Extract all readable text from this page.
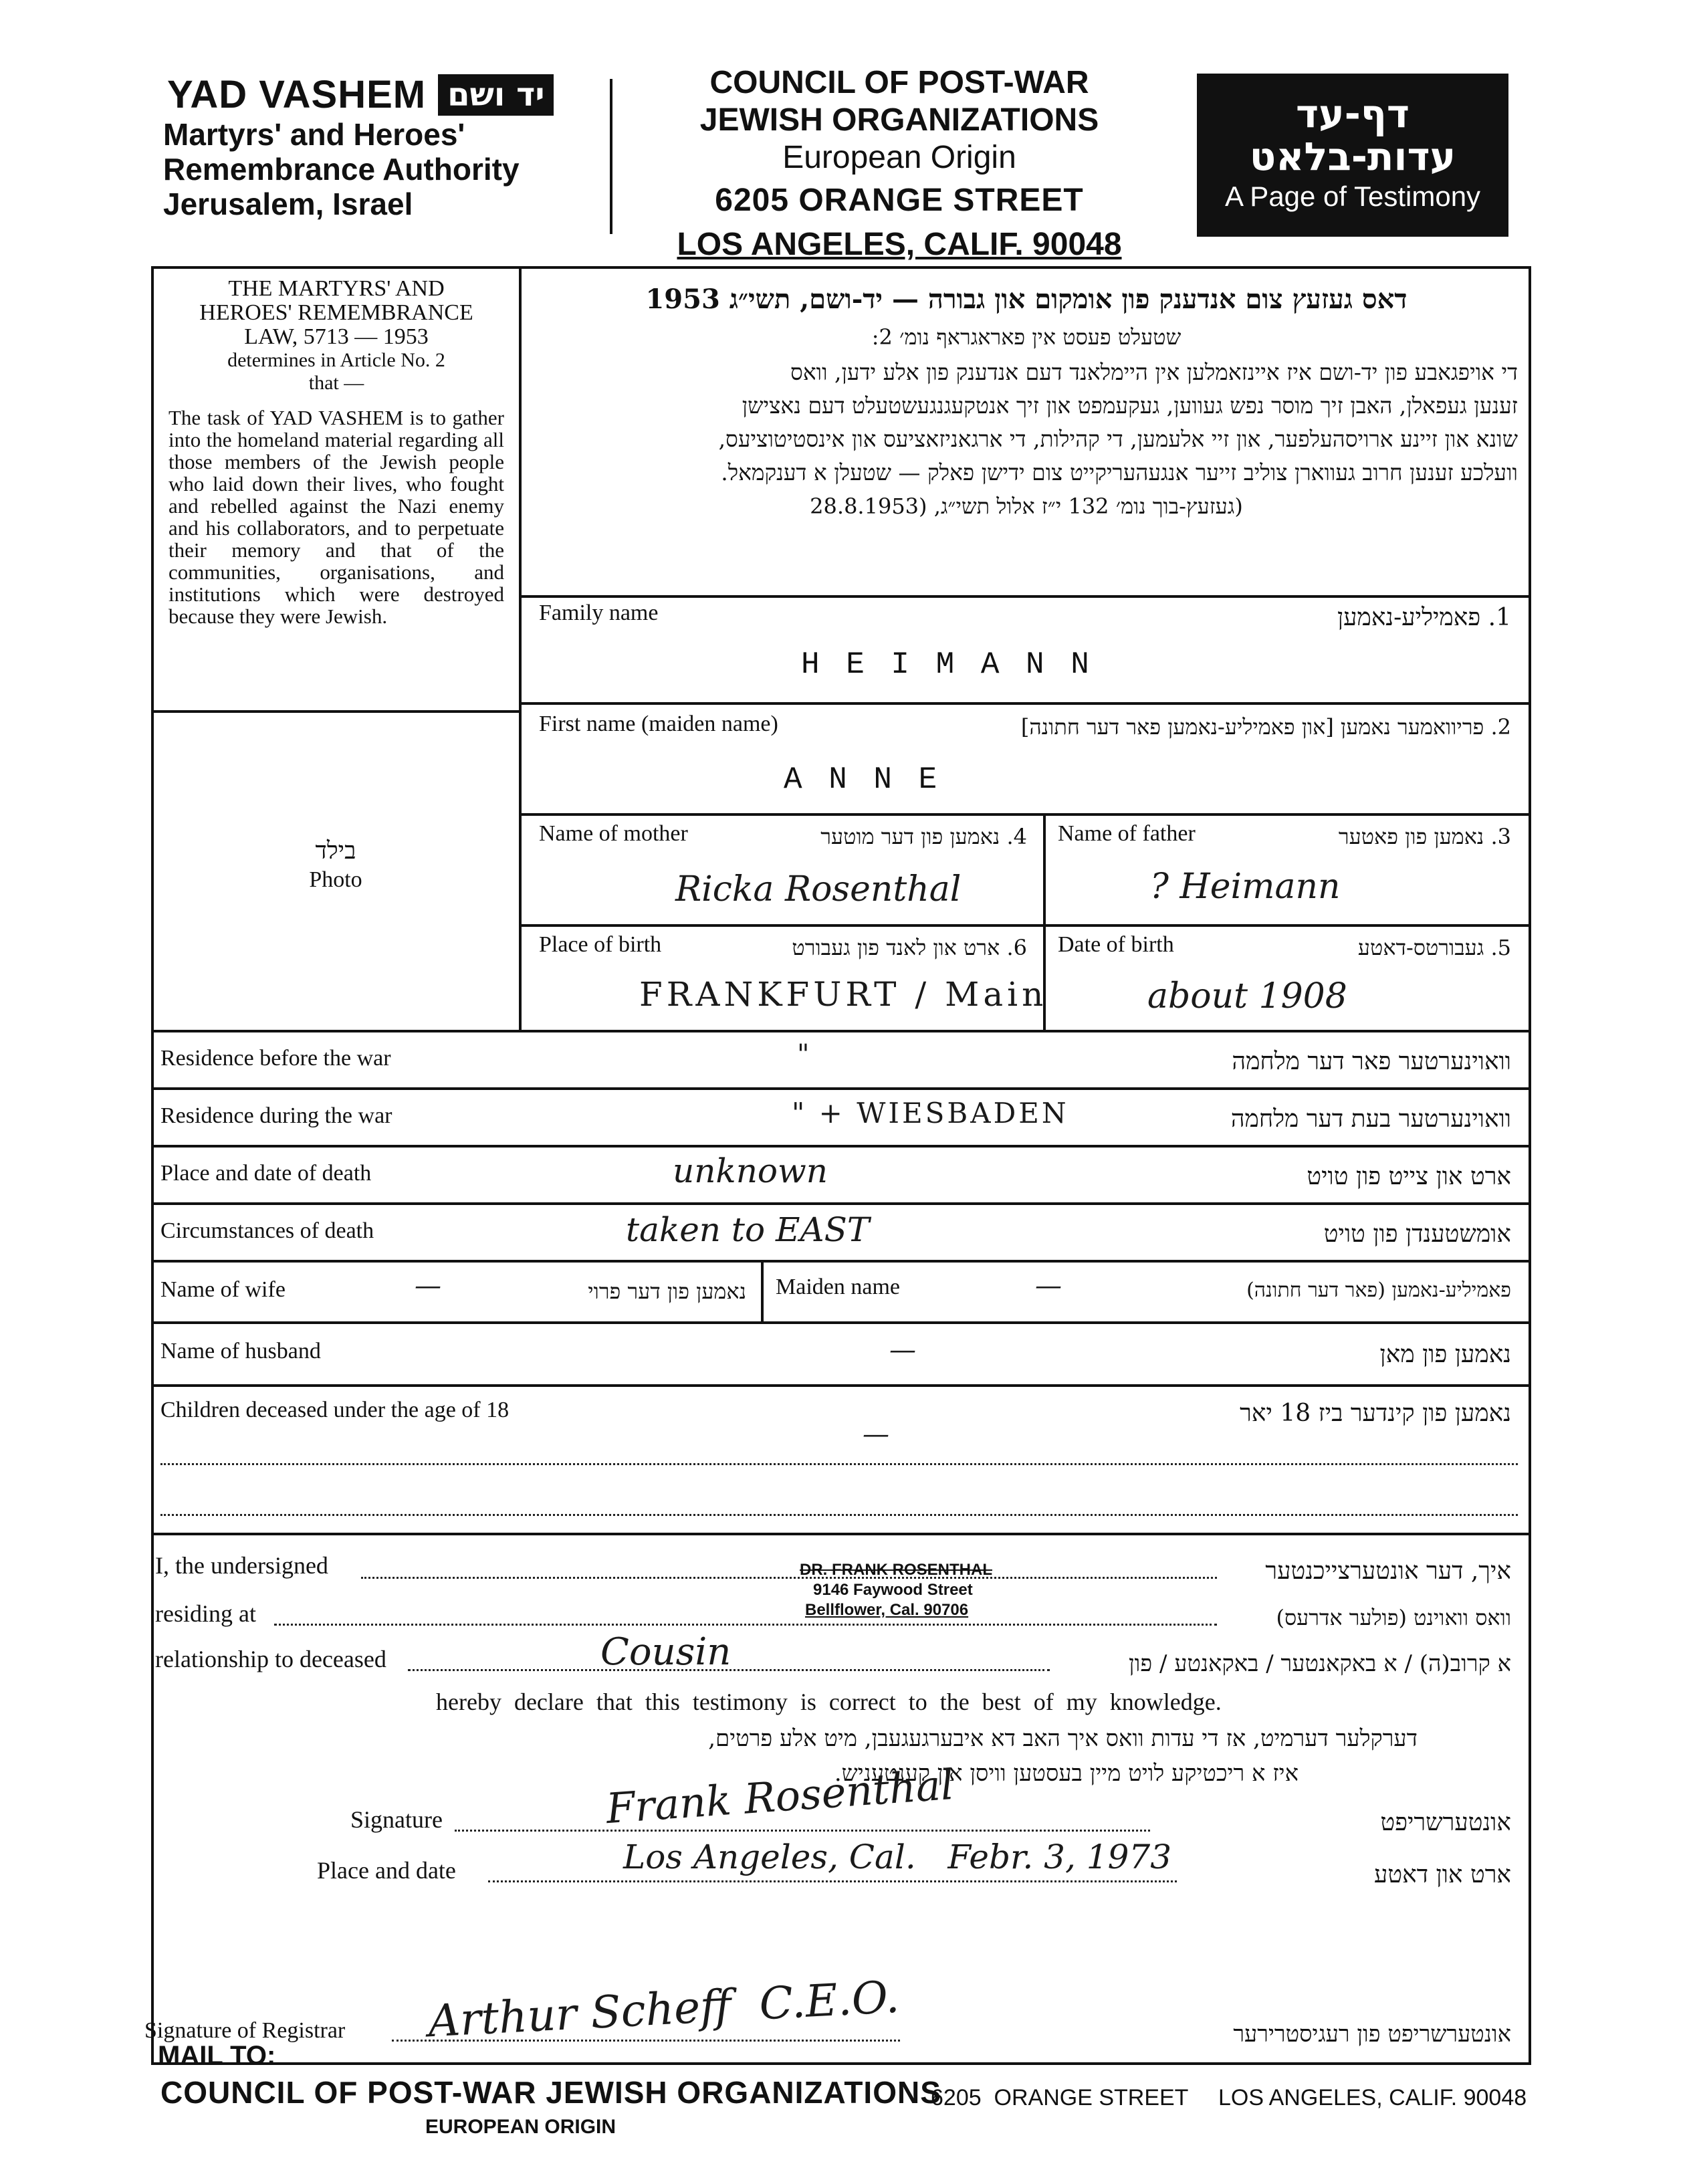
YAD VASHEM יד ושם
Martyrs' and Heroes'
Remembrance Authority
Jerusalem, Israel
COUNCIL OF POST-WAR
JEWISH ORGANIZATIONS
European Origin
6205 ORANGE STREET
LOS ANGELES, CALIF. 90048
דף-עד
עדות-בלאט
A Page of Testimony
THE MARTYRS' AND
HEROES' REMEMBRANCE
LAW, 5713 — 1953
determines in Article No. 2
that —
The task of YAD VASHEM is to gather into the homeland material regarding all those members of the Jewish people who laid down their lives, who fought and rebelled against the Nazi enemy and his collaborators, and to perpetuate their memory and that of the communities, organisations, and institutions which were destroyed because they were Jewish.
בילד
Photo
דאס געזעץ צום אנדענק פון אומקום און גבורה — יד-ושם, תשי״ג 1953
שטעלט פעסט אין פאראגראף נומ׳ 2:
די אויפגאבע פון יד-ושם איז איינזאמלען אין היימלאנד דעם אנדענק פון אלע ידען, וואס
זענען געפאלן, האבן זיך מוסר נפש געווען, געקעמפט און זיך אנטקעגנגעשטעלט דעם נאצישן
שונא און זיינע ארויסהעלפער, און זיי אלעמען, די קהילות, די ארגאניזאציעס און אינסטיטוציעס,
וועלכע זענען חרוב געווארן צוליב זייער אנגעהעריקייט צום ידישן פאלק — שטעלן א דענקמאל.
(געזעץ-בוך נומ׳ 132 י״ז אלול תשי״ג, (28.8.1953
Family name	1. פאמיליע-נאמען
H E I M A N N
First name (maiden name)	2. פריוואמער נאמען [און פאמיליע-נאמען פאר דער חתונה]
A N N E
Name of mother	4. נאמען פון דער מוטער
Ricka Rosenthal
Name of father	3. נאמען פון פאטער
? Heimann
Place of birth	6. ארט און לאנד פון געבורט
FRANKFURT / Main
Date of birth	5. געבורטס-דאטע
about 1908
Residence before the war	וואוינערטער פאר דער מלחמה
"
Residence during the war	וואוינערטער בעת דער מלחמה
" + WIESBADEN
Place and date of death	ארט און צייט פון טויט
unknown
Circumstances of death	אומשטענדן פון טויט
taken to EAST
Name of wife	—	נאמען פון דער פרוי Maiden name	—	פאמיליע-נאמען (פאר דער חתונה)
Name of husband	—	נאמען פון מאן
Children deceased under the age of 18
—
נאמען פון קינדער ביז 18 יאר
I, the undersigned	DR. FRANK ROSENTHAL
9146 Faywood Street
Bellflower, Cal. 90706
איך, דער אונטערצייכנטער
residing at	וואס וואוינט (פולער אדרעס)
relationship to deceased	Cousin	א קרוב(ה) / א באקאנטער / באקאנטע / פון
hereby declare that this testimony is correct to the best of my knowledge.
דערקלער דערמיט, אז די עדות וואס איך האב דא איבערגעגעבן, מיט אלע פרטים,
איז א ריכטיקע לויט מיין בעסטען וויסן און קענטעניש.
Signature	Frank Rosenthal	אונטערשריפט
Place and date	Los Angeles, Cal.   Febr. 3, 1973	ארט און דאטע
Signature of Registrar Arthur Scheff  C.E.O.	אונטערשריפט פון רעגיסטרירער
MAIL TO:
COUNCIL OF POST-WAR JEWISH ORGANIZATIONS
EUROPEAN ORIGIN
6205  ORANGE STREET LOS ANGELES, CALIF. 90048
